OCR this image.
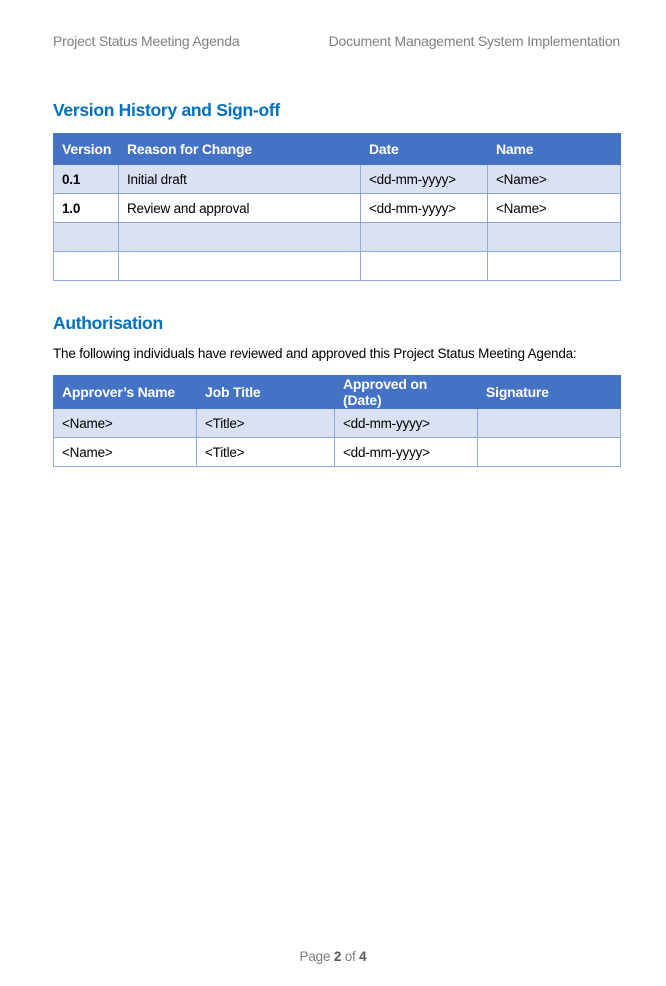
Project Status Meeting Agenda	Document Management System Implementation
Version History and Sign-off
Version	Reason for Change	Date	Name
0.1	Initial draft	<dd-mm-yyyy>	<Name>
1.0	Review and approval	<dd-mm-yyyy>	<Name>

Authorisation
The following individuals have reviewed and approved this Project Status Meeting Agenda:
Approver’s Name	Job Title	Approved on (Date)	Signature
<Name>	<Title>	<dd-mm-yyyy>	
<Name>	<Title>	<dd-mm-yyyy>	
Page 2 of 4
